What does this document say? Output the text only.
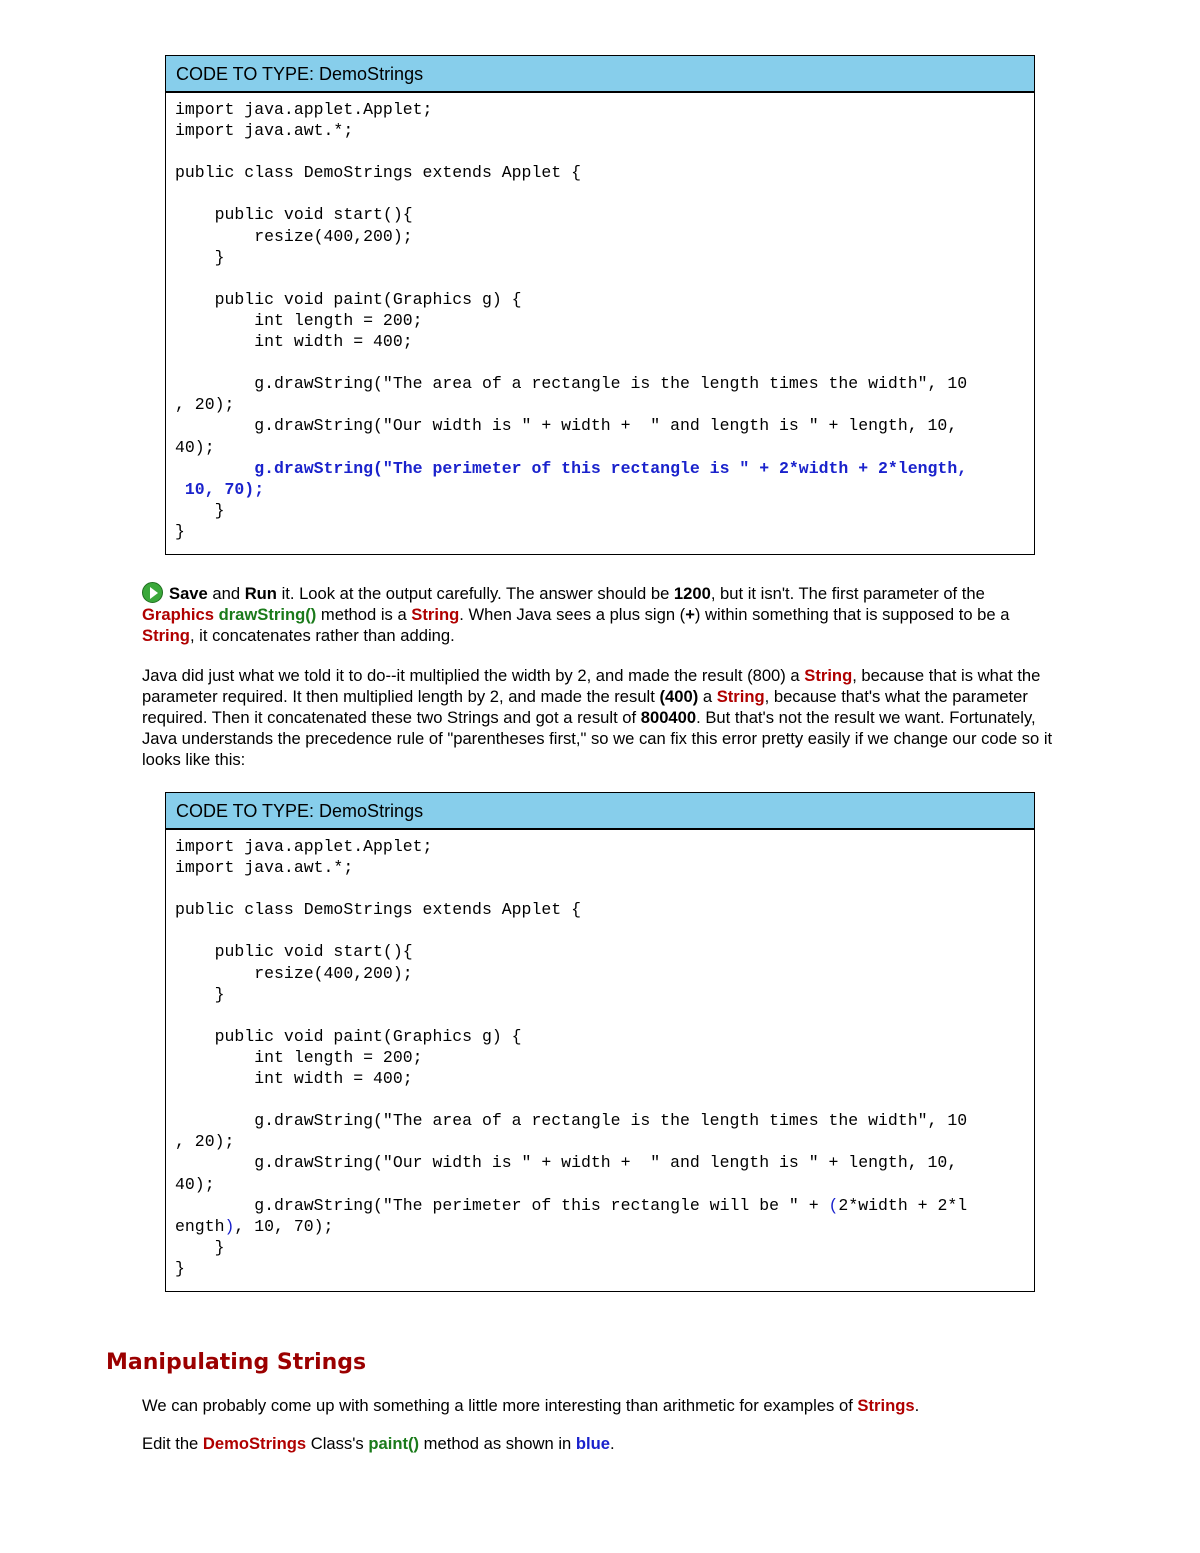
CODE TO TYPE: DemoStrings
import java.applet.Applet;
import java.awt.*;

public class DemoStrings extends Applet {

public void start(){
resize(400,200);
}

public void paint(Graphics g) {
int length = 200;
int width = 400;

g.drawString("The area of a rectangle is the length times the width", 10
, 20);
g.drawString("Our width is " + width +  " and length is " + length, 10,
40);
g.drawString("The perimeter of this rectangle is " + 2*width + 2*length,
10, 70);
}
}

Save and Run it. Look at the output carefully. The answer should be 1200, but it isn't. The first parameter of the Graphics drawString() method is a String. When Java sees a plus sign (+) within something that is supposed to be a String, it concatenates rather than adding.

Java did just what we told it to do--it multiplied the width by 2, and made the result (800) a String, because that is what the parameter required. It then multiplied length by 2, and made the result (400) a String, because that's what the parameter required. Then it concatenated these two Strings and got a result of 800400. But that's not the result we want. Fortunately, Java understands the precedence rule of "parentheses first," so we can fix this error pretty easily if we change our code so it looks like this:

CODE TO TYPE: DemoStrings
import java.applet.Applet;
import java.awt.*;

public class DemoStrings extends Applet {

public void start(){
resize(400,200);
}

public void paint(Graphics g) {
int length = 200;
int width = 400;

g.drawString("The area of a rectangle is the length times the width", 10
, 20);
g.drawString("Our width is " + width +  " and length is " + length, 10,
40);
g.drawString("The perimeter of this rectangle will be " + (2*width + 2*l
ength), 10, 70);
}
}
Manipulating Strings

We can probably come up with something a little more interesting than arithmetic for examples of Strings.

Edit the DemoStrings Class's paint() method as shown in blue.
